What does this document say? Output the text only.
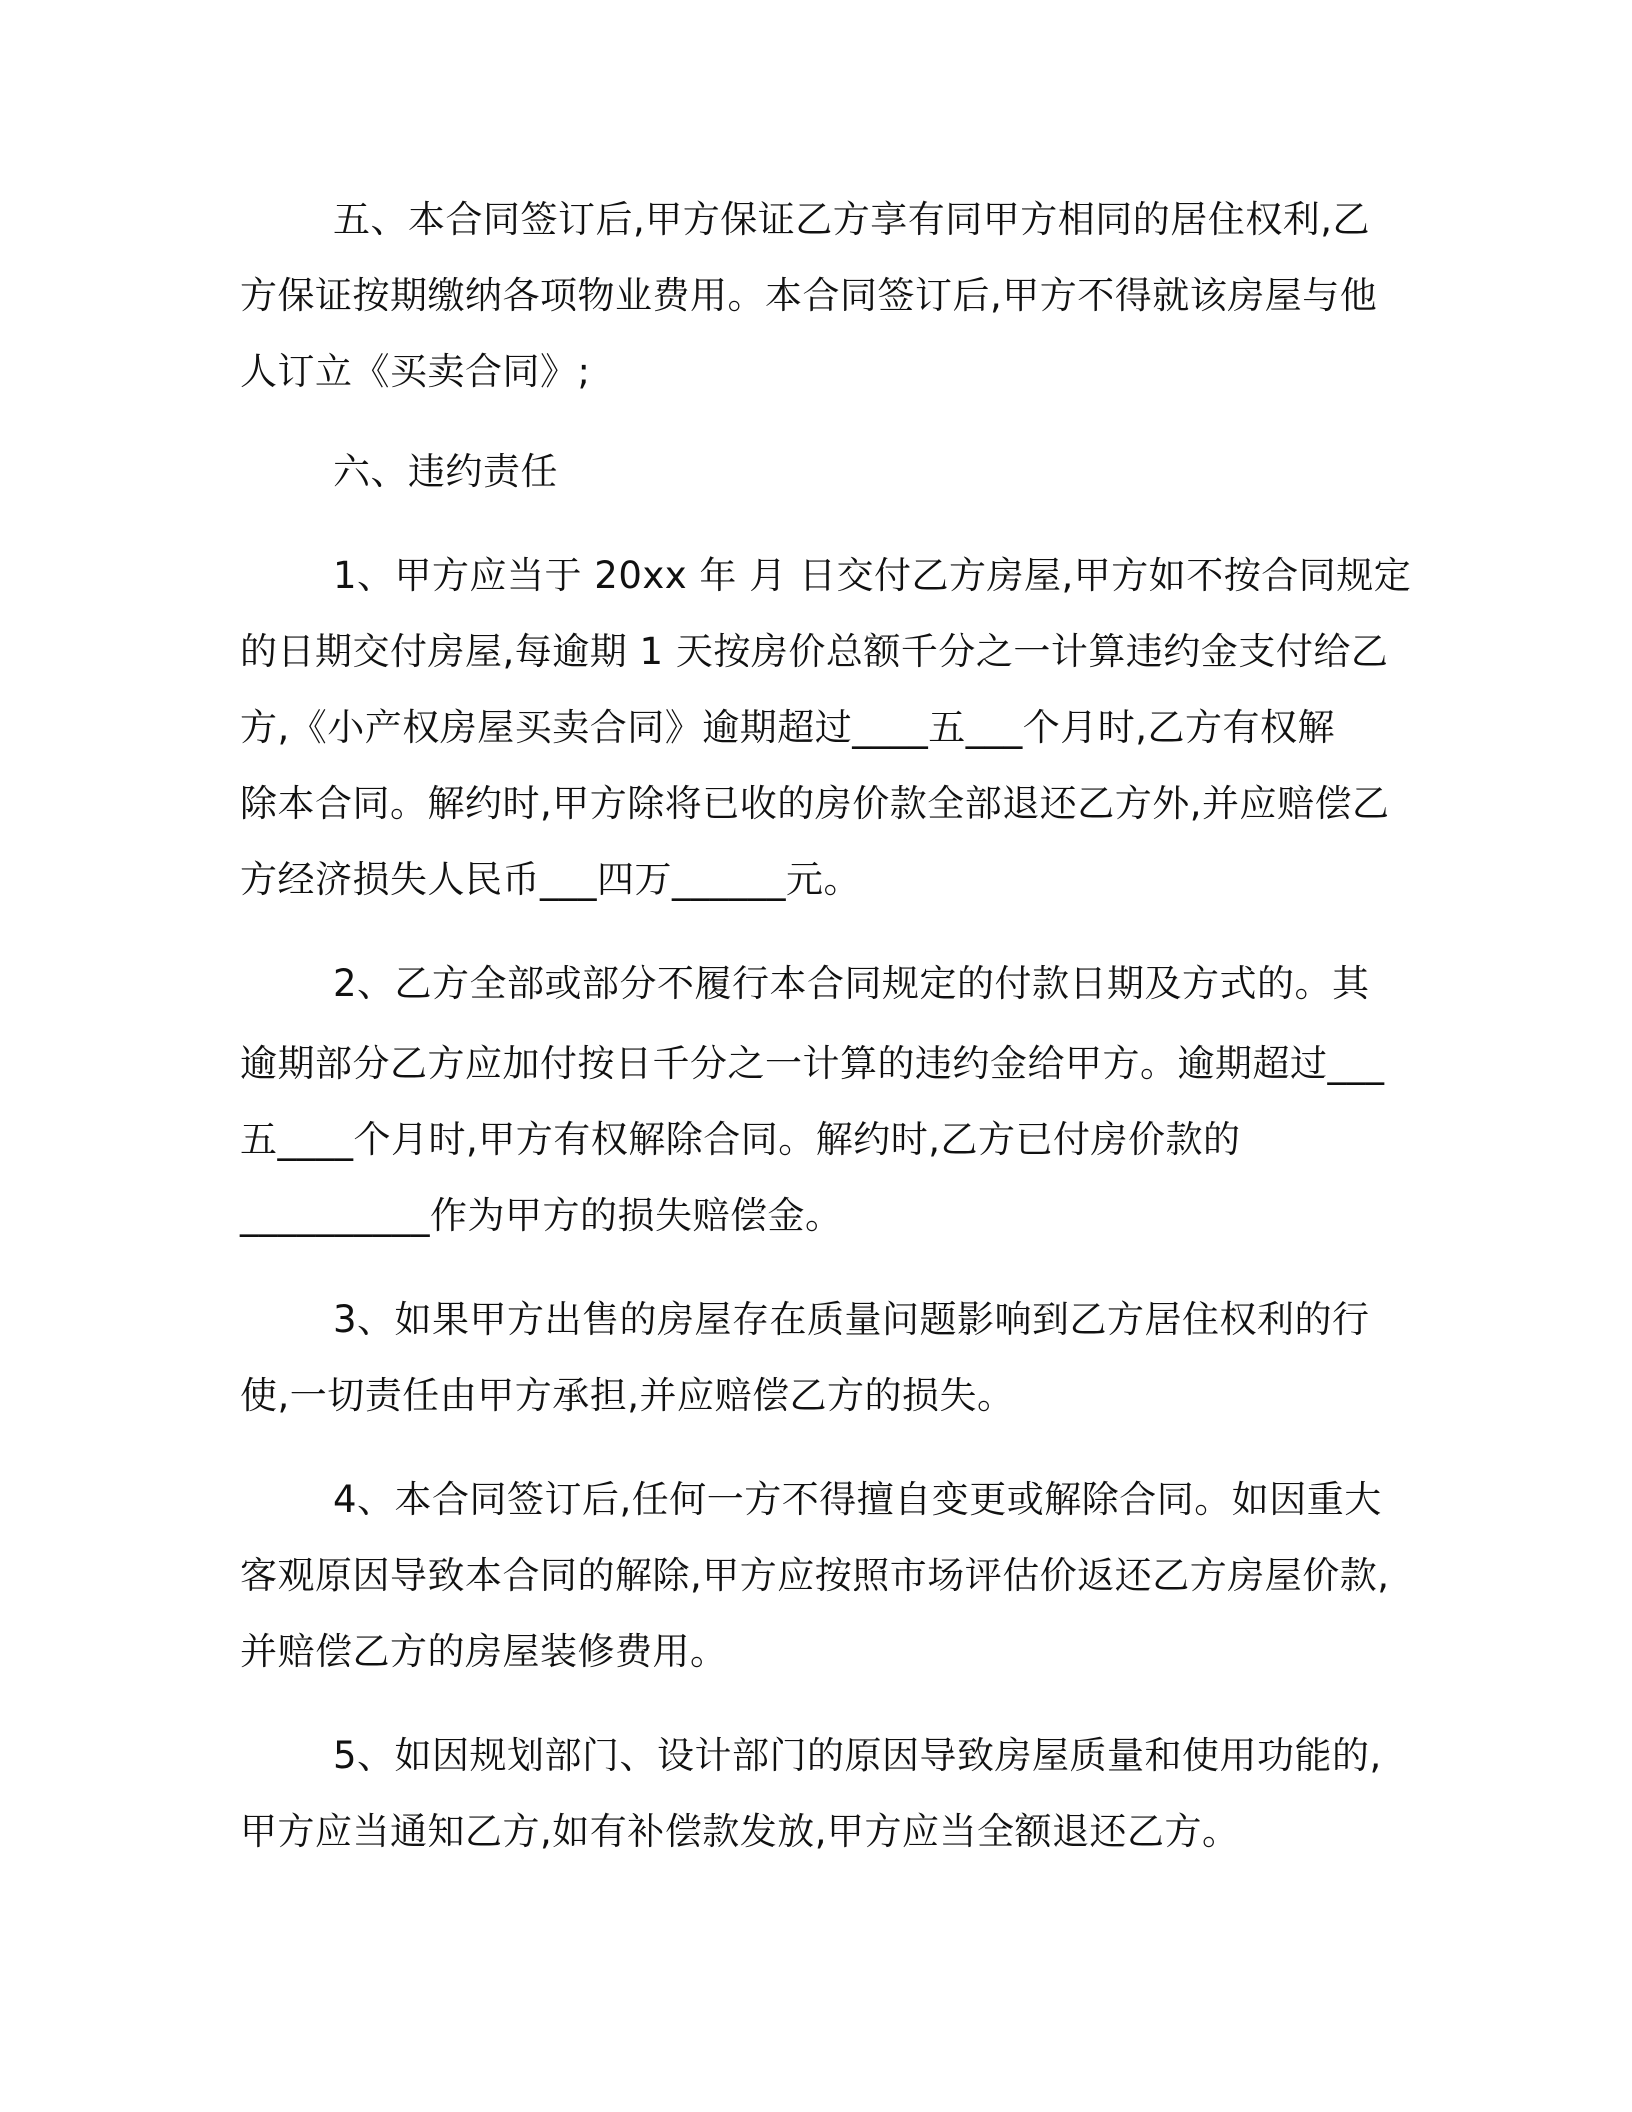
五、本合同签订后,甲方保证乙方享有同甲方相同的居住权利,乙
方保证按期缴纳各项物业费用。本合同签订后,甲方不得就该房屋与他
人订立《买卖合同》;
六、违约责任
1、甲方应当于 20xx 年 月 日交付乙方房屋,甲方如不按合同规定
的日期交付房屋,每逾期 1 天按房价总额千分之一计算违约金支付给乙
方,《小产权房屋买卖合同》逾期超过____五___个月时,乙方有权解
除本合同。解约时,甲方除将已收的房价款全部退还乙方外,并应赔偿乙
方经济损失人民币___四万______元。
2、乙方全部或部分不履行本合同规定的付款日期及方式的。其
逾期部分乙方应加付按日千分之一计算的违约金给甲方。逾期超过___
五____个月时,甲方有权解除合同。解约时,乙方已付房价款的
__________作为甲方的损失赔偿金。
3、如果甲方出售的房屋存在质量问题影响到乙方居住权利的行
使,一切责任由甲方承担,并应赔偿乙方的损失。
4、本合同签订后,任何一方不得擅自变更或解除合同。如因重大
客观原因导致本合同的解除,甲方应按照市场评估价返还乙方房屋价款,
并赔偿乙方的房屋装修费用。
5、如因规划部门、设计部门的原因导致房屋质量和使用功能的,
甲方应当通知乙方,如有补偿款发放,甲方应当全额退还乙方。
